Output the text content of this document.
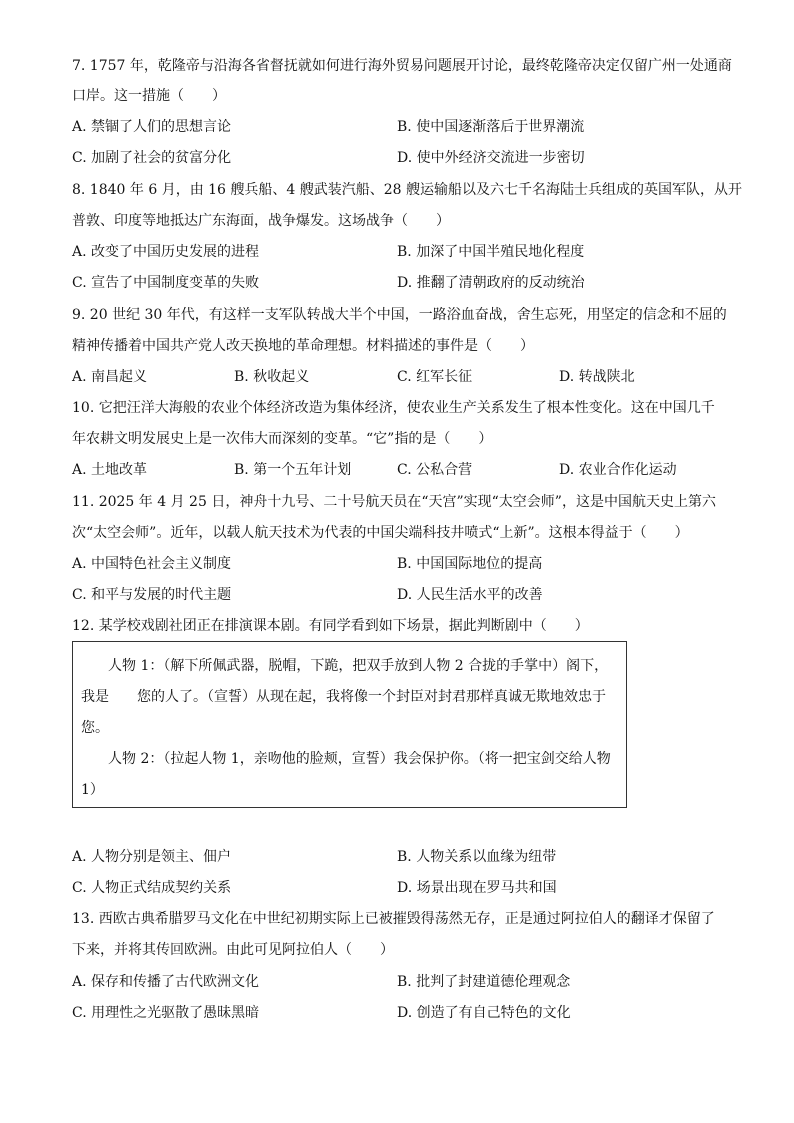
7. 1757 年，乾隆帝与沿海各省督抚就如何进行海外贸易问题展开讨论，最终乾隆帝决定仅留广州一处通商
口岸。这一措施（　　）
A. 禁锢了人们的思想言论	B. 使中国逐渐落后于世界潮流
C. 加剧了社会的贫富分化	D. 使中外经济交流进一步密切
8. 1840 年 6 月，由 16 艘兵船、4 艘武装汽船、28 艘运输船以及六七千名海陆士兵组成的英国军队，从开
普敦、印度等地抵达广东海面，战争爆发。这场战争（　　）
A. 改变了中国历史发展的进程	B. 加深了中国半殖民地化程度
C. 宣告了中国制度变革的失败	D. 推翻了清朝政府的反动统治
9. 20 世纪 30 年代，有这样一支军队转战大半个中国，一路浴血奋战，舍生忘死，用坚定的信念和不屈的
精神传播着中国共产党人改天换地的革命理想。材料描述的事件是（　　）
A. 南昌起义	B. 秋收起义	C. 红军长征	D. 转战陕北
10. 它把汪洋大海般的农业个体经济改造为集体经济，使农业生产关系发生了根本性变化。这在中国几千
年农耕文明发展史上是一次伟大而深刻的变革。“它”指的是（　　）
A. 土地改革	B. 第一个五年计划	C. 公私合营	D. 农业合作化运动
11. 2025 年 4 月 25 日，神舟十九号、二十号航天员在“天宫”实现“太空会师”，这是中国航天史上第六
次“太空会师”。近年，以载人航天技术为代表的中国尖端科技井喷式“上新”。这根本得益于（　　）
A. 中国特色社会主义制度	B. 中国国际地位的提高
C. 和平与发展的时代主题	D. 人民生活水平的改善
12. 某学校戏剧社团正在排演课本剧。有同学看到如下场景，据此判断剧中（　　）
人物 1：（解下所佩武器，脱帽，下跪，把双手放到人物 2 合拢的手掌中）阁下，
我是　　您的人了。（宣誓）从现在起，我将像一个封臣对封君那样真诚无欺地效忠于
您。
人物 2：（拉起人物 1，亲吻他的脸颊，宣誓）我会保护你。（将一把宝剑交给人物
1）
A. 人物分别是领主、佃户	B. 人物关系以血缘为纽带
C. 人物正式结成契约关系	D. 场景出现在罗马共和国
13. 西欧古典希腊罗马文化在中世纪初期实际上已被摧毁得荡然无存，正是通过阿拉伯人的翻译才保留了
下来，并将其传回欧洲。由此可见阿拉伯人（　　）
A. 保存和传播了古代欧洲文化	B. 批判了封建道德伦理观念
C. 用理性之光驱散了愚昧黑暗	D. 创造了有自己特色的文化
